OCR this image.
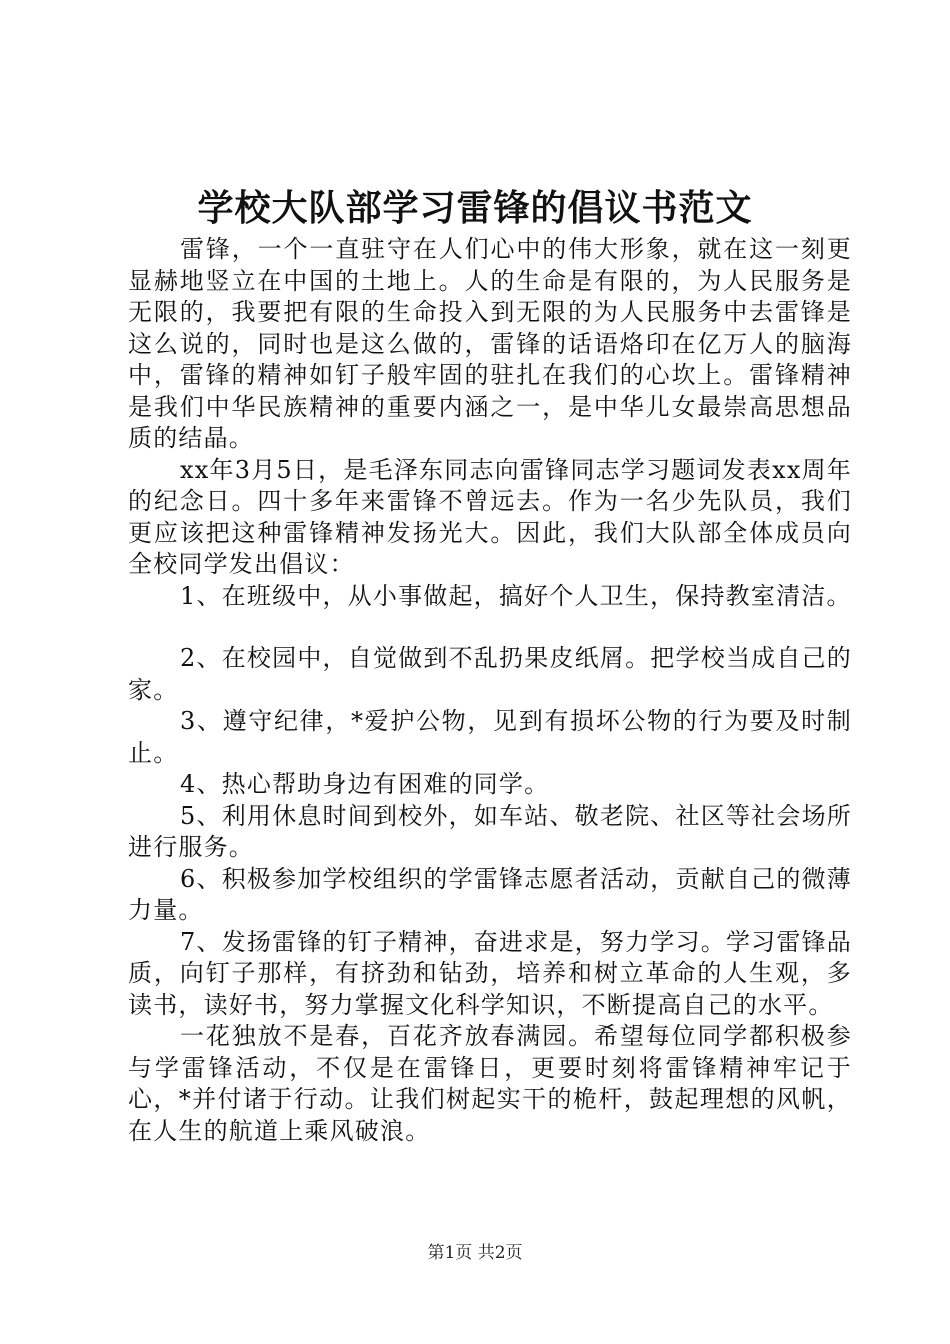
学校大队部学习雷锋的倡议书范文

雷锋，一个一直驻守在人们心中的伟大形象，就在这一刻更显赫地竖立在中国的土地上。人的生命是有限的，为人民服务是无限的，我要把有限的生命投入到无限的为人民服务中去雷锋是这么说的，同时也是这么做的，雷锋的话语烙印在亿万人的脑海中，雷锋的精神如钉子般牢固的驻扎在我们的心坎上。雷锋精神是我们中华民族精神的重要内涵之一，是中华儿女最崇高思想品质的结晶。

xx年3月5日，是毛泽东同志向雷锋同志学习题词发表xx周年的纪念日。四十多年来雷锋不曾远去。作为一名少先队员，我们更应该把这种雷锋精神发扬光大。因此，我们大队部全体成员向全校同学发出倡议：

1、在班级中，从小事做起，搞好个人卫生，保持教室清洁。

2、在校园中，自觉做到不乱扔果皮纸屑。把学校当成自己的家。

3、遵守纪律，*爱护公物，见到有损坏公物的行为要及时制止。

4、热心帮助身边有困难的同学。

5、利用休息时间到校外，如车站、敬老院、社区等社会场所进行服务。

6、积极参加学校组织的学雷锋志愿者活动，贡献自己的微薄力量。

7、发扬雷锋的钉子精神，奋进求是，努力学习。学习雷锋品质，向钉子那样，有挤劲和钻劲，培养和树立革命的人生观，多读书，读好书，努力掌握文化科学知识，不断提高自己的水平。

一花独放不是春，百花齐放春满园。希望每位同学都积极参与学雷锋活动，不仅是在雷锋日，更要时刻将雷锋精神牢记于心，*并付诸于行动。让我们树起实干的桅杆，鼓起理想的风帆，在人生的航道上乘风破浪。

第1页 共2页
